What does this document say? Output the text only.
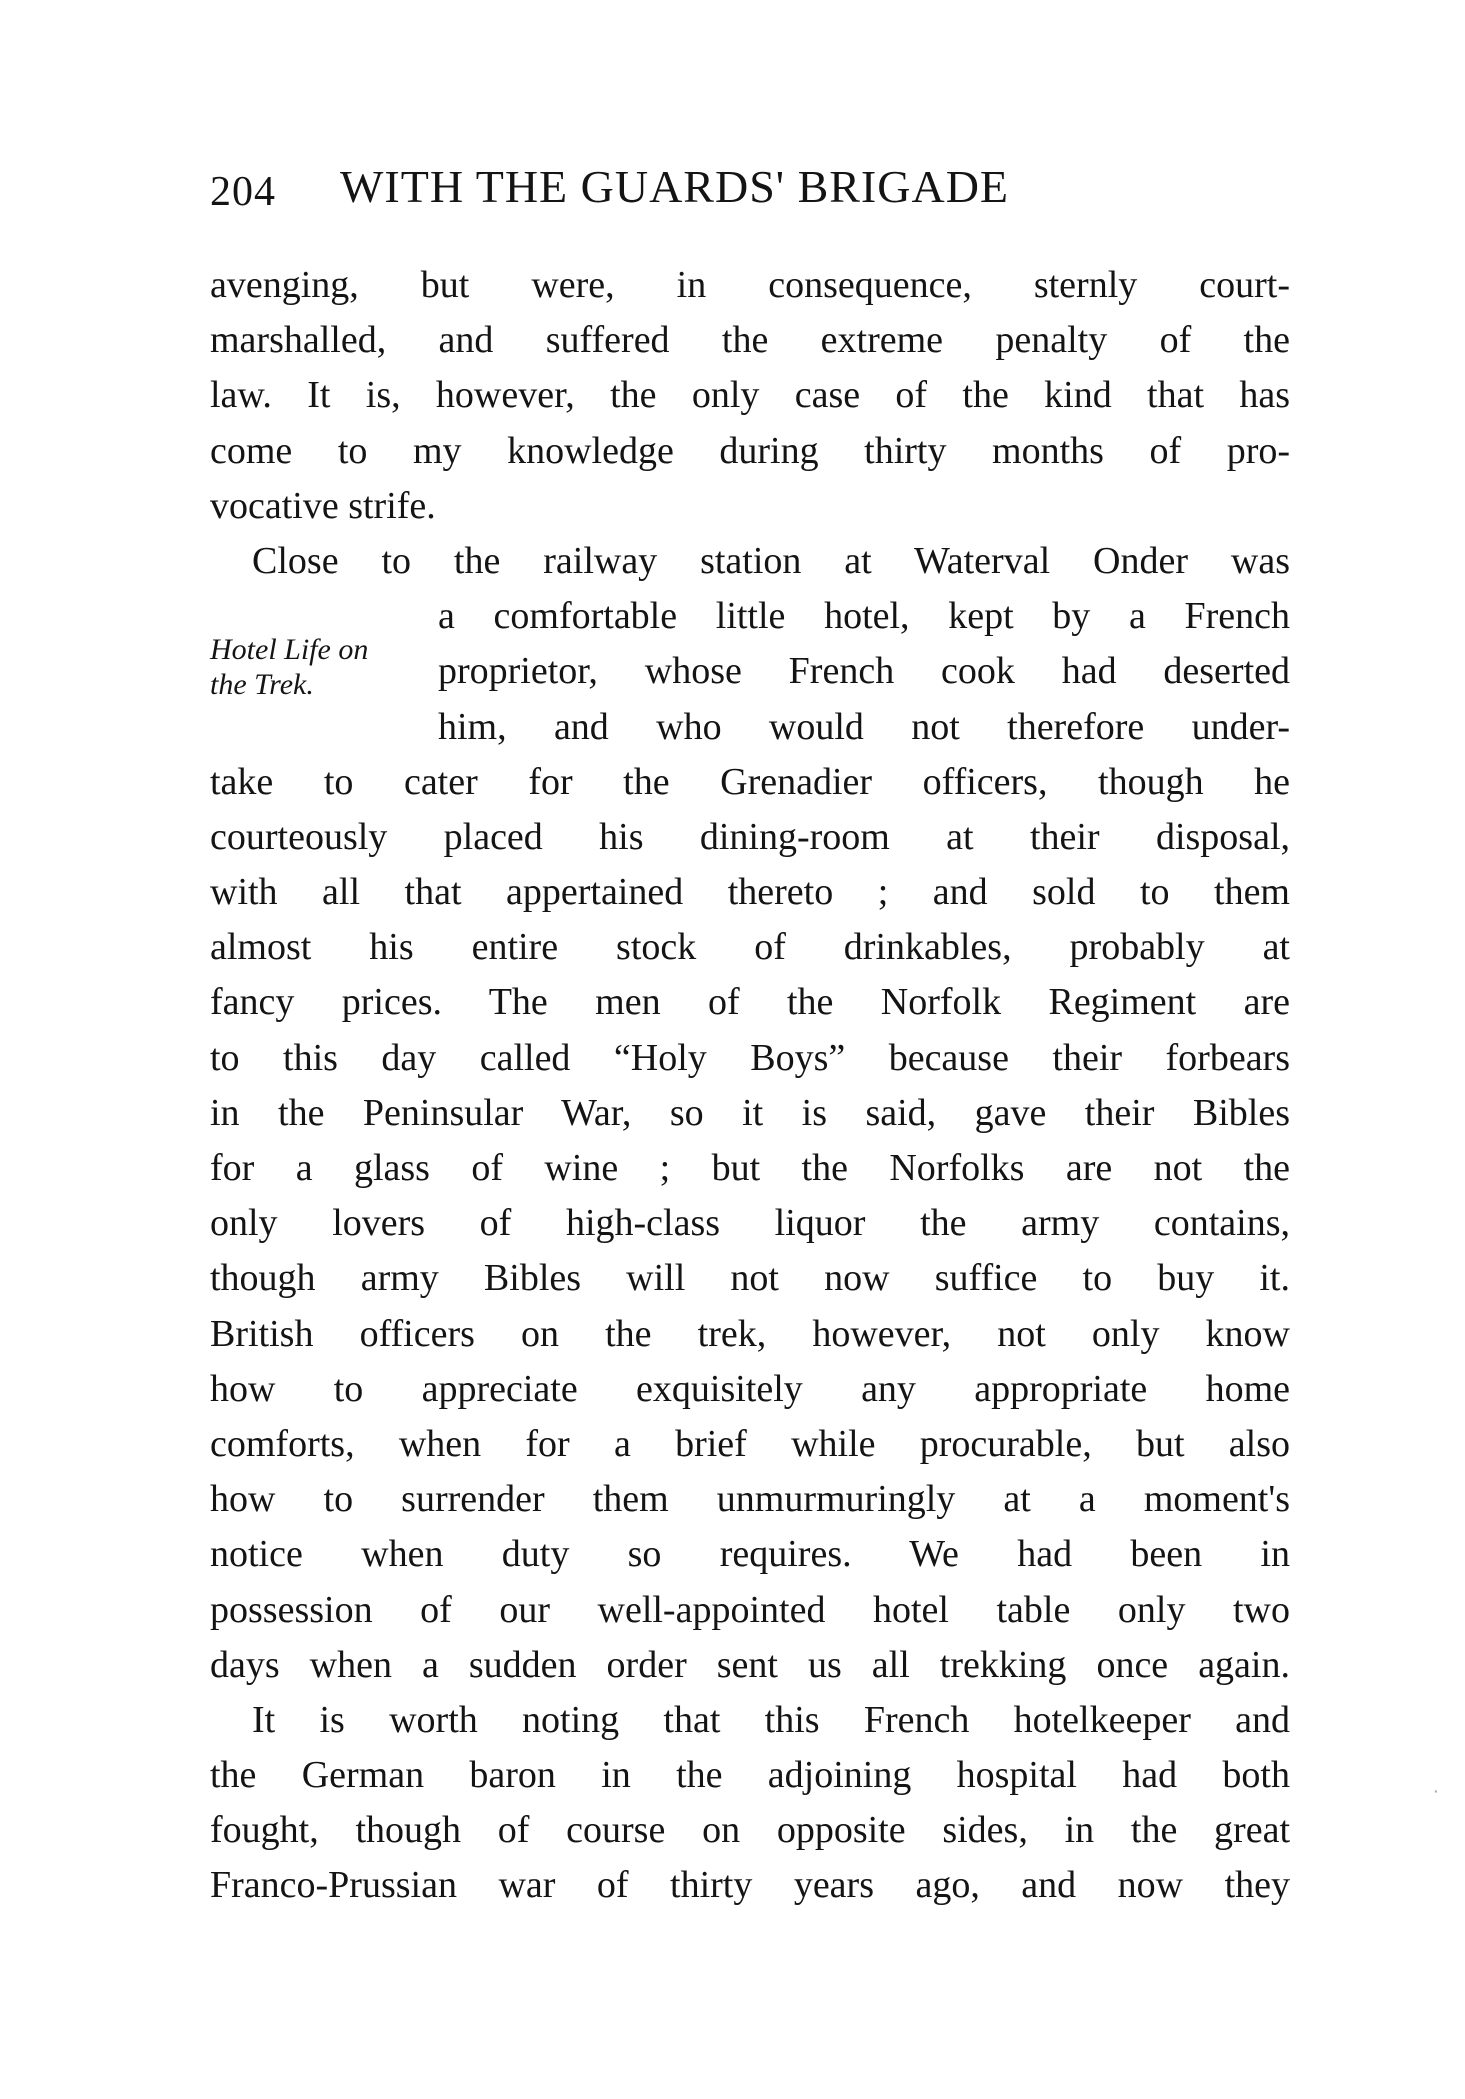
204 WITH THE GUARDS' BRIGADE
Hotel Life on
the Trek.
avenging, but were, in consequence, sternly court-
marshalled, and suffered the extreme penalty of the
law. It is, however, the only case of the kind that has
come to my knowledge during thirty months of pro-
vocative strife.
Close to the railway station at Waterval Onder was
a comfortable little hotel, kept by a French
proprietor, whose French cook had deserted
him, and who would not therefore under-
take to cater for the Grenadier officers, though he
courteously placed his dining-room at their disposal,
with all that appertained thereto ; and sold to them
almost his entire stock of drinkables, probably at
fancy prices. The men of the Norfolk Regiment are
to this day called “Holy Boys” because their forbears
in the Peninsular War, so it is said, gave their Bibles
for a glass of wine ; but the Norfolks are not the
only lovers of high-class liquor the army contains,
though army Bibles will not now suffice to buy it.
British officers on the trek, however, not only know
how to appreciate exquisitely any appropriate home
comforts, when for a brief while procurable, but also
how to surrender them unmurmuringly at a moment's
notice when duty so requires. We had been in
possession of our well-appointed hotel table only two
days when a sudden order sent us all trekking once again.
It is worth noting that this French hotelkeeper and
the German baron in the adjoining hospital had both
fought, though of course on opposite sides, in the great
Franco-Prussian war of thirty years ago, and now they
‧
